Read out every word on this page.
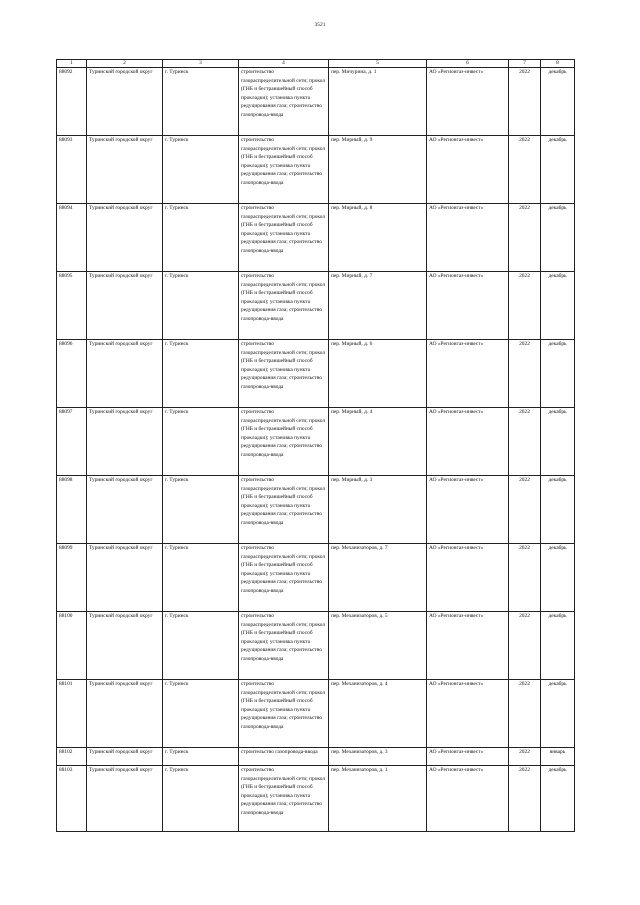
3521
1	2	3	4	5	6	7	8
88092	Туринский городской округ	г. Туринск	строительство газораспределительной сети; прокол (ГНБ и бестраншейный способ прокладки); установка пункта редуцирования газа; строительство газопровода-ввода	пер. Мичурина, д. 1	АО «Регионгаз-инвест»	2022	декабрь
88093	Туринский городской округ	г. Туринск	строительство газораспределительной сети; прокол (ГНБ и бестраншейный способ прокладки); установка пункта редуцирования газа; строительство газопровода-ввода	пер. Мирный, д. 9	АО «Регионгаз-инвест»	2022	декабрь
88094	Туринский городской округ	г. Туринск	строительство газораспределительной сети; прокол (ГНБ и бестраншейный способ прокладки); установка пункта редуцирования газа; строительство газопровода-ввода	пер. Мирный, д. 8	АО «Регионгаз-инвест»	2022	декабрь
88095	Туринский городской округ	г. Туринск	строительство газораспределительной сети; прокол (ГНБ и бестраншейный способ прокладки); установка пункта редуцирования газа; строительство газопровода-ввода	пер. Мирный, д. 7	АО «Регионгаз-инвест»	2022	декабрь
88096	Туринский городской округ	г. Туринск	строительство газораспределительной сети; прокол (ГНБ и бестраншейный способ прокладки); установка пункта редуцирования газа; строительство газопровода-ввода	пер. Мирный, д. 6	АО «Регионгаз-инвест»	2022	декабрь
88097	Туринский городской округ	г. Туринск	строительство газораспределительной сети; прокол (ГНБ и бестраншейный способ прокладки); установка пункта редуцирования газа; строительство газопровода-ввода	пер. Мирный, д. 4	АО «Регионгаз-инвест»	2022	декабрь
88098	Туринский городской округ	г. Туринск	строительство газораспределительной сети; прокол (ГНБ и бестраншейный способ прокладки); установка пункта редуцирования газа; строительство газопровода-ввода	пер. Мирный, д. 3	АО «Регионгаз-инвест»	2022	декабрь
88099	Туринский городской округ	г. Туринск	строительство газораспределительной сети; прокол (ГНБ и бестраншейный способ прокладки); установка пункта редуцирования газа; строительство газопровода-ввода	пер. Механизаторов, д. 7	АО «Регионгаз-инвест»	2022	декабрь
88100	Туринский городской округ	г. Туринск	строительство газораспределительной сети; прокол (ГНБ и бестраншейный способ прокладки); установка пункта редуцирования газа; строительство газопровода-ввода	пер. Механизаторов, д. 5	АО «Регионгаз-инвест»	2022	декабрь
88101	Туринский городской округ	г. Туринск	строительство газораспределительной сети; прокол (ГНБ и бестраншейный способ прокладки); установка пункта редуцирования газа; строительство газопровода-ввода	пер. Механизаторов, д. 4	АО «Регионгаз-инвест»	2022	декабрь
88102	Туринский городской округ	г. Туринск	строительство газопровода-ввода	пер. Механизаторов, д. 3	АО «Регионгаз-инвест»	2022	январь
88103	Туринский городской округ	г. Туринск	строительство газораспределительной сети; прокол (ГНБ и бестраншейный способ прокладки); установка пункта редуцирования газа; строительство газопровода-ввода	пер. Механизаторов, д. 1	АО «Регионгаз-инвест»	2022	декабрь
